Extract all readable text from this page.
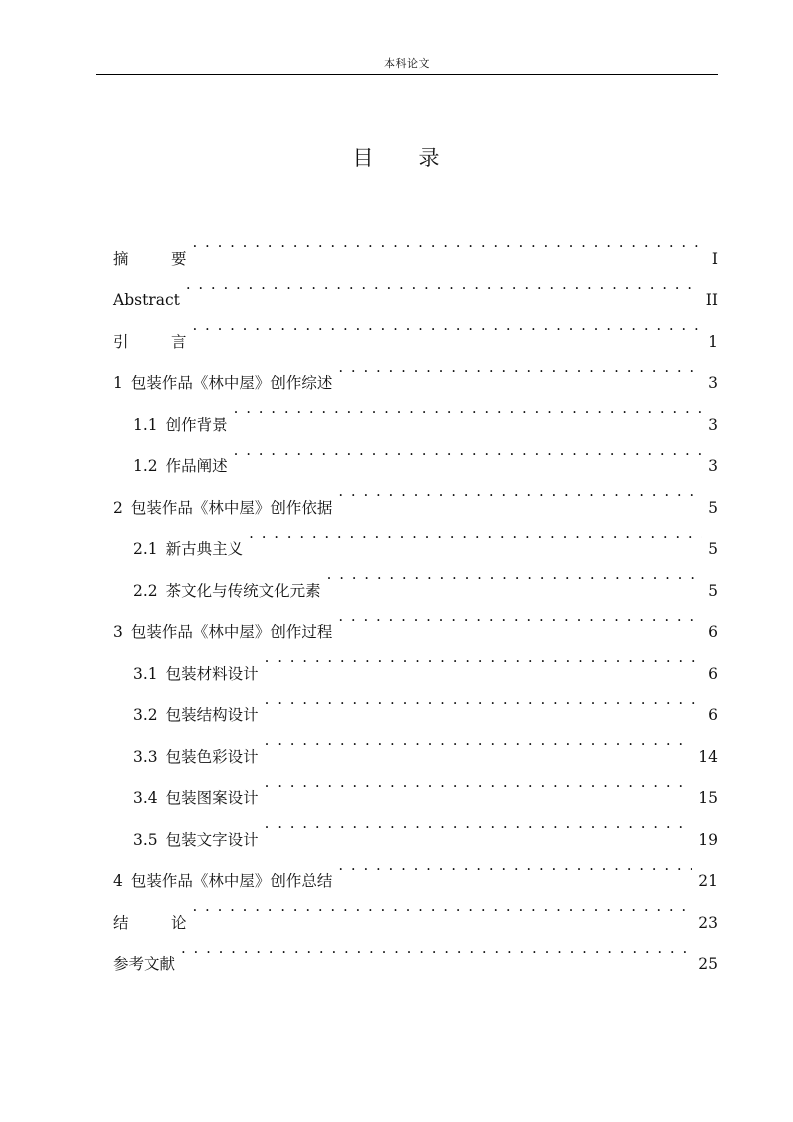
本科论文
目 录
摘	要 . . .	I
Abstract . . .	II
引	言 . . .	1
1 包装作品《林中屋》创作综述 . . .	3
1.1 创作背景 . . .	3
1.2 作品阐述 . . .	3
2 包装作品《林中屋》创作依据 . . .	5
2.1 新古典主义 . . .	5
2.2 茶文化与传统文化元素 . . .	5
3 包装作品《林中屋》创作过程 . . .	6
3.1 包装材料设计 . . .	6
3.2 包装结构设计 . . .	6
3.3 包装色彩设计 . . .	14
3.4 包装图案设计 . . .	15
3.5 包装文字设计 . . .	19
4 包装作品《林中屋》创作总结 . . .	21
结	论 . . .	23
参考文献 . . .	25
